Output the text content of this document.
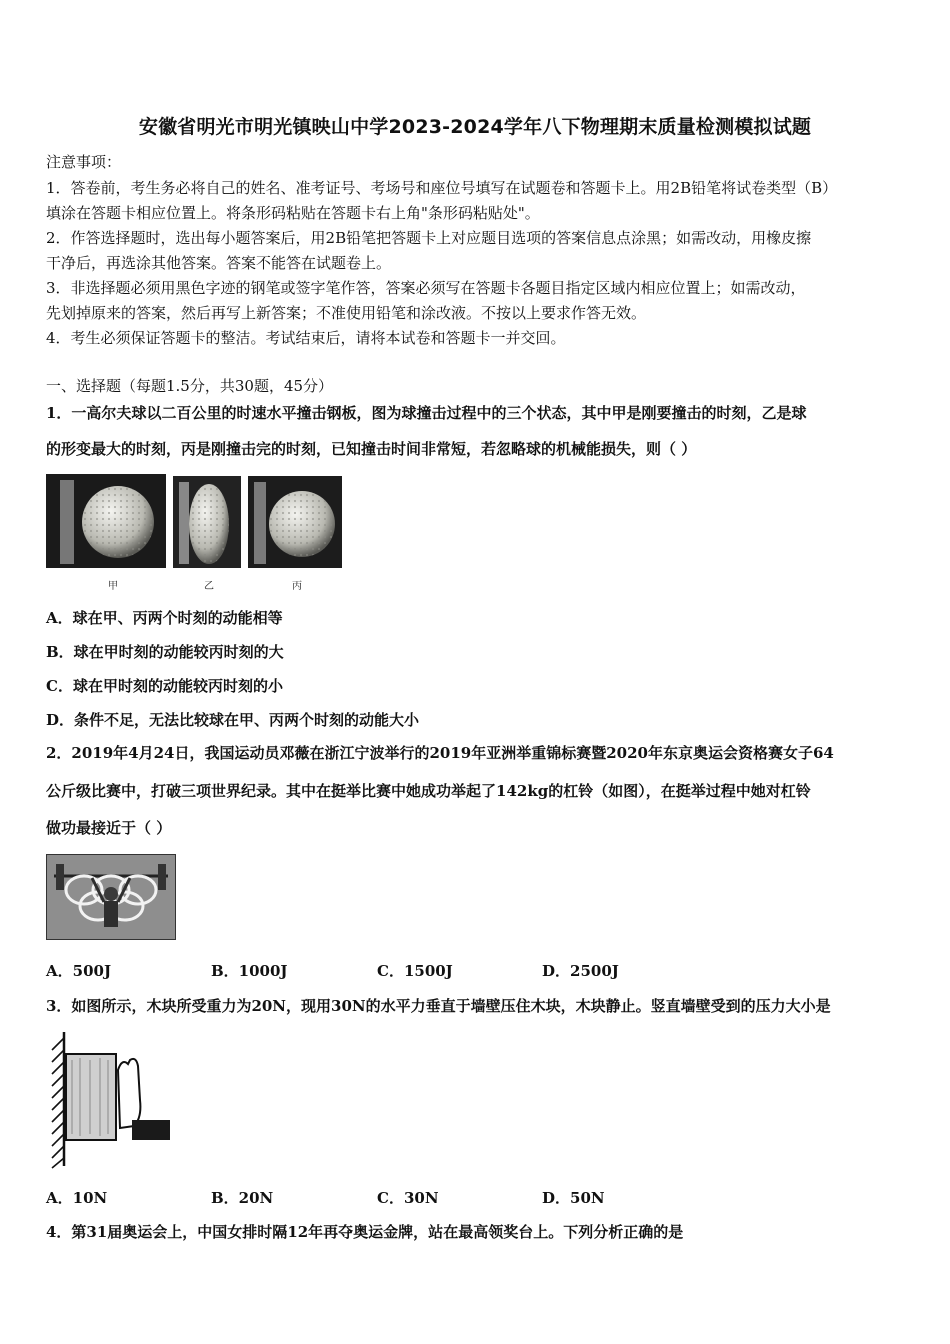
安徽省明光市明光镇映山中学2023-2024学年八下物理期末质量检测模拟试题
注意事项：
1．答卷前，考生务必将自己的姓名、准考证号、考场号和座位号填写在试题卷和答题卡上。用2B铅笔将试卷类型（B）
填涂在答题卡相应位置上。将条形码粘贴在答题卡右上角"条形码粘贴处"。
2．作答选择题时，选出每小题答案后，用2B铅笔把答题卡上对应题目选项的答案信息点涂黑；如需改动，用橡皮擦
干净后，再选涂其他答案。答案不能答在试题卷上。
3．非选择题必须用黑色字迹的钢笔或签字笔作答，答案必须写在答题卡各题目指定区域内相应位置上；如需改动，
先划掉原来的答案，然后再写上新答案；不准使用铅笔和涂改液。不按以上要求作答无效。
4．考生必须保证答题卡的整洁。考试结束后，请将本试卷和答题卡一并交回。
一、选择题（每题1.5分，共30题，45分）
1．一高尔夫球以二百公里的时速水平撞击钢板，图为球撞击过程中的三个状态，其中甲是刚要撞击的时刻，乙是球
的形变最大的时刻，丙是刚撞击完的时刻，已知撞击时间非常短，若忽略球的机械能损失，则（ ）
甲	乙	丙
A．球在甲、丙两个时刻的动能相等
B．球在甲时刻的动能较丙时刻的大
C．球在甲时刻的动能较丙时刻的小
D．条件不足，无法比较球在甲、丙两个时刻的动能大小
2．2019年4月24日，我国运动员邓薇在浙江宁波举行的2019年亚洲举重锦标赛暨2020年东京奥运会资格赛女子64
公斤级比赛中，打破三项世界纪录。其中在挺举比赛中她成功举起了142kg的杠铃（如图），在挺举过程中她对杠铃
做功最接近于（ ）
A．500J	B．1000J	C．1500J	D．2500J
3．如图所示，木块所受重力为20N，现用30N的水平力垂直于墙壁压住木块，木块静止。竖直墙壁受到的压力大小是
A．10N	B．20N	C．30N	D．50N
4．第31届奥运会上，中国女排时隔12年再夺奥运金牌，站在最高领奖台上。下列分析正确的是
